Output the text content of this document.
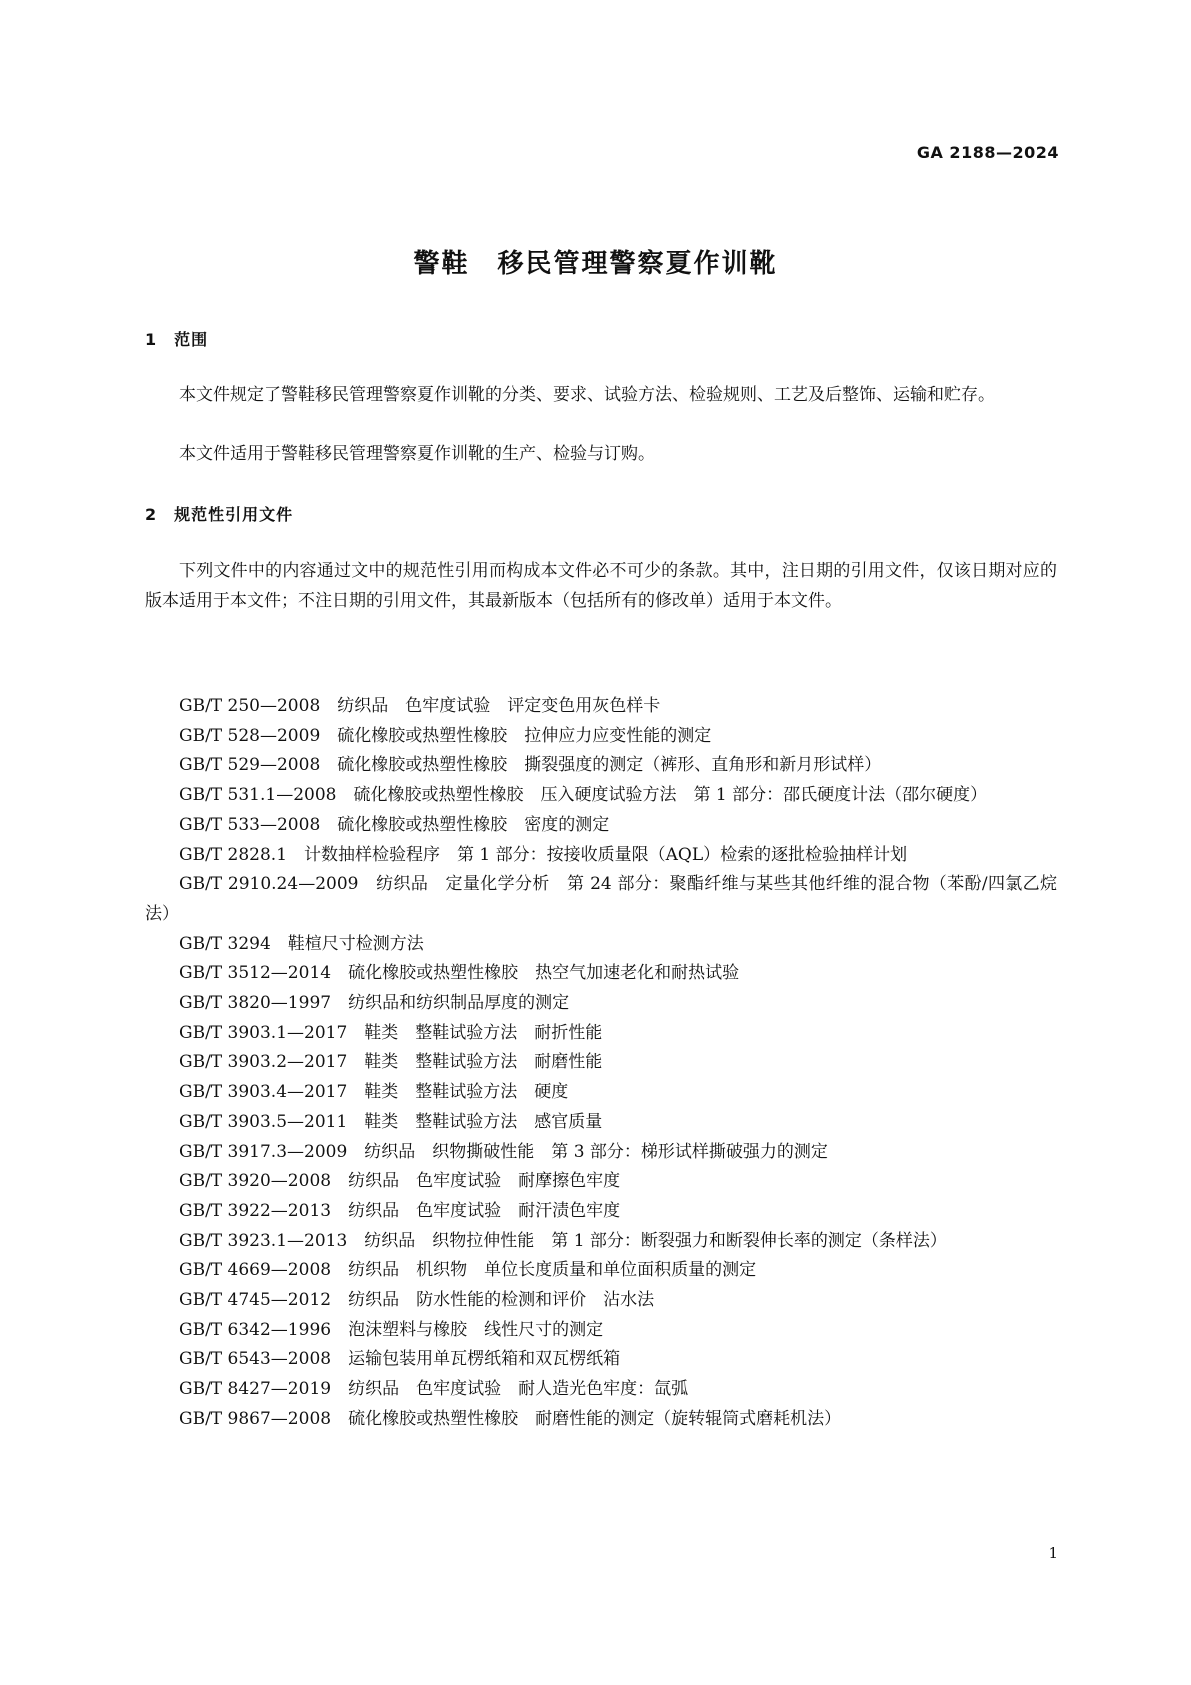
GA 2188—2024
警鞋　移民管理警察夏作训靴
1　范围

本文件规定了警鞋移民管理警察夏作训靴的分类、要求、试验方法、检验规则、工艺及后整饰、运输和贮存。

本文件适用于警鞋移民管理警察夏作训靴的生产、检验与订购。

2　规范性引用文件

下列文件中的内容通过文中的规范性引用而构成本文件必不可少的条款。其中，注日期的引用文件，仅该日期对应的版本适用于本文件；不注日期的引用文件，其最新版本（包括所有的修改单）适用于本文件。

GB/T 250—2008　纺织品　色牢度试验　评定变色用灰色样卡
GB/T 528—2009　硫化橡胶或热塑性橡胶　拉伸应力应变性能的测定
GB/T 529—2008　硫化橡胶或热塑性橡胶　撕裂强度的测定（裤形、直角形和新月形试样）
GB/T 531.1—2008　硫化橡胶或热塑性橡胶　压入硬度试验方法　第 1 部分：邵氏硬度计法（邵尔硬度）
GB/T 533—2008　硫化橡胶或热塑性橡胶　密度的测定
GB/T 2828.1　计数抽样检验程序　第 1 部分：按接收质量限（AQL）检索的逐批检验抽样计划
GB/T 2910.24—2009　纺织品　定量化学分析　第 24 部分：聚酯纤维与某些其他纤维的混合物（苯酚/四氯乙烷法）
GB/T 3294　鞋楦尺寸检测方法
GB/T 3512—2014　硫化橡胶或热塑性橡胶　热空气加速老化和耐热试验
GB/T 3820—1997　纺织品和纺织制品厚度的测定
GB/T 3903.1—2017　鞋类　整鞋试验方法　耐折性能
GB/T 3903.2—2017　鞋类　整鞋试验方法　耐磨性能
GB/T 3903.4—2017　鞋类　整鞋试验方法　硬度
GB/T 3903.5—2011　鞋类　整鞋试验方法　感官质量
GB/T 3917.3—2009　纺织品　织物撕破性能　第 3 部分：梯形试样撕破强力的测定
GB/T 3920—2008　纺织品　色牢度试验　耐摩擦色牢度
GB/T 3922—2013　纺织品　色牢度试验　耐汗渍色牢度
GB/T 3923.1—2013　纺织品　织物拉伸性能　第 1 部分：断裂强力和断裂伸长率的测定（条样法）
GB/T 4669—2008　纺织品　机织物　单位长度质量和单位面积质量的测定
GB/T 4745—2012　纺织品　防水性能的检测和评价　沾水法
GB/T 6342—1996　泡沫塑料与橡胶　线性尺寸的测定
GB/T 6543—2008　运输包装用单瓦楞纸箱和双瓦楞纸箱
GB/T 8427—2019　纺织品　色牢度试验　耐人造光色牢度：氙弧
GB/T 9867—2008　硫化橡胶或热塑性橡胶　耐磨性能的测定（旋转辊筒式磨耗机法）
1
